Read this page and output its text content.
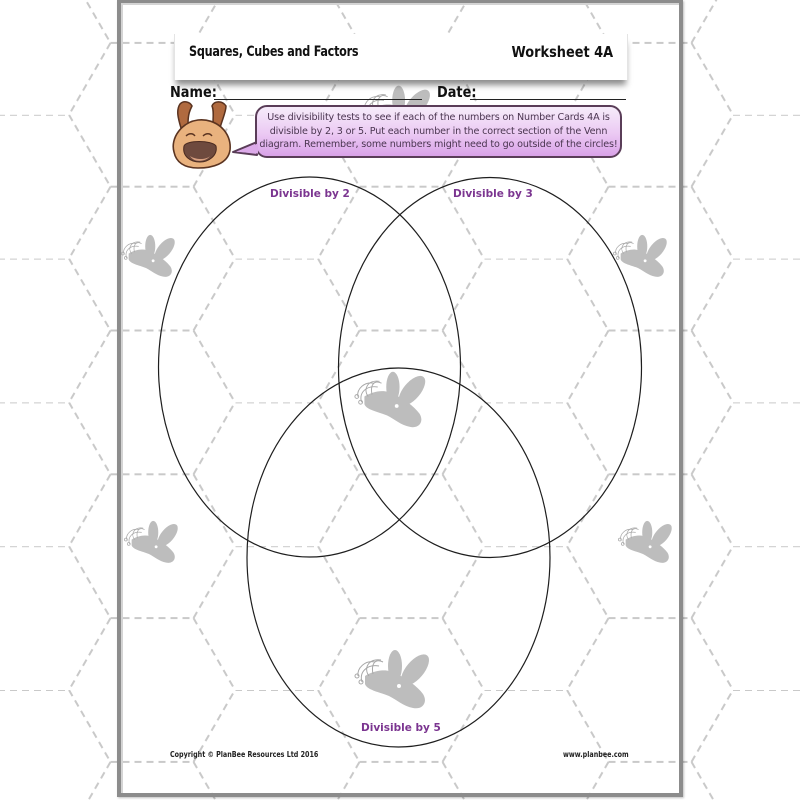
Squares, Cubes and Factors	Worksheet 4A
Name:	Date:
Use divisibility tests to see if each of the numbers on Number Cards 4A is divisible by 2, 3 or 5. Put each number in the correct section of the Venn diagram. Remember, some numbers might need to go outside of the circles!
Divisible by 2	Divisible by 3
Divisible by 5
Copyright © PlanBee Resources Ltd 2016	www.planbee.com
